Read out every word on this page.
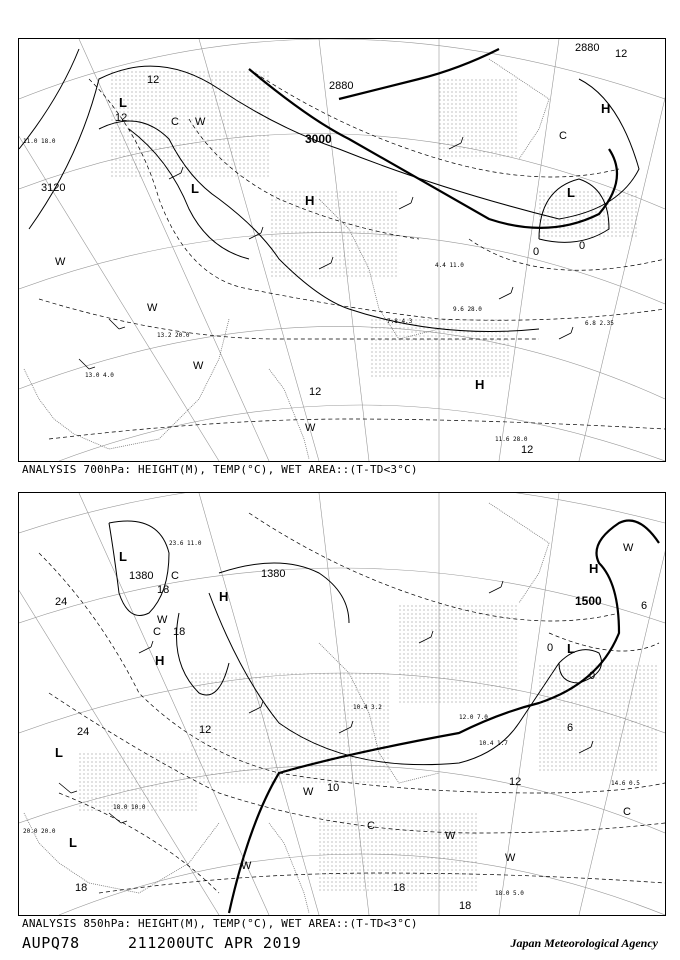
3000
2880
3120
2880
12
12
0
12
12
0
12
L
L	L
H
H
H
C
C
W
W
W
W
W
11.0 18.0
9.6 28.0
6.8 2.35
11.6 28.0
13.2 20.0
4.4 11.0
7.8 4.3
13.0 4.0
ANALYSIS 700hPa: HEIGHT(M), TEMP(°C), WET AREA::(T-TD<3°C)
1380	1380
1500
24
24
18
18
12
12
0
0
6
6
18	18
18
10
L
L
L
L
H
H
H
C
C
C
C
W
W
W
W
W
W
20.0 20.0
10.4 1.7
14.6 0.5
18.0 5.0
12.0 7.0
23.6 11.0
10.4 3.2
18.0 10.0
ANALYSIS 850hPa: HEIGHT(M), TEMP(°C), WET AREA::(T-TD<3°C)
AUPQ78	211200UTC APR 2019	Japan Meteorological Agency
